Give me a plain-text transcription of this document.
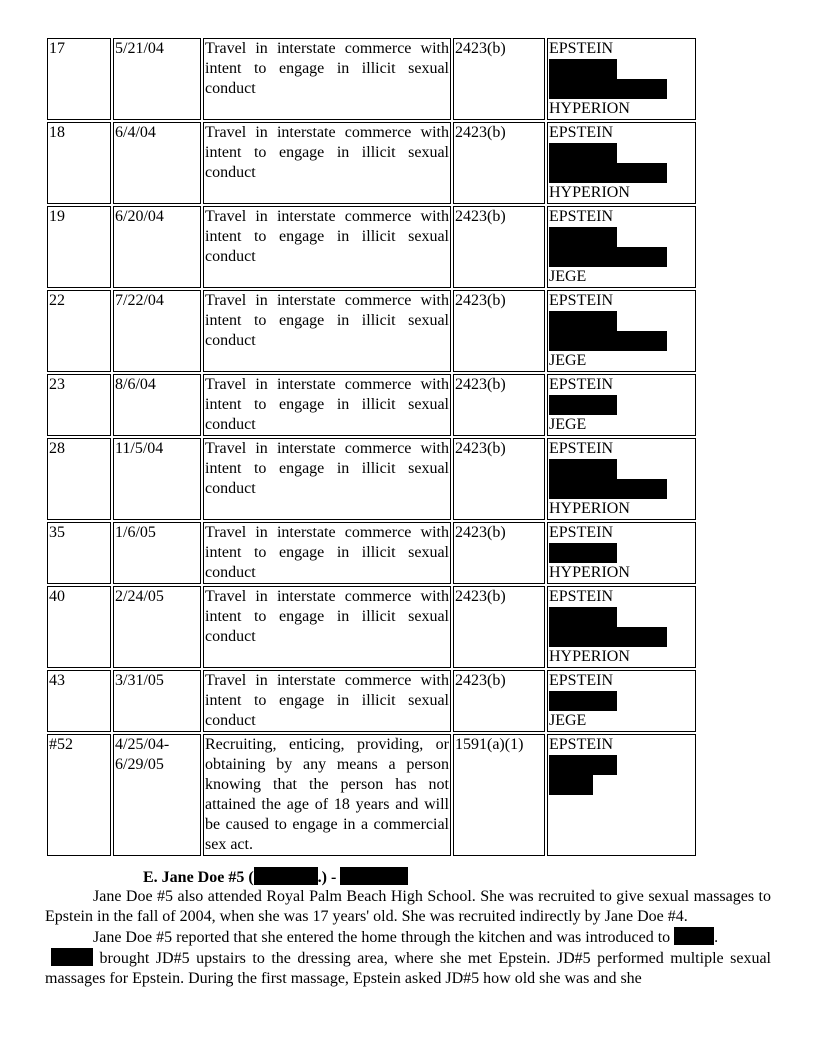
17	5/21/04	Travel in interstate commerce with intent to engage in illicit sexual conduct	2423(b)	EPSTEIN
HYPERION

18	6/4/04	Travel in interstate commerce with intent to engage in illicit sexual conduct	2423(b)	EPSTEIN
HYPERION

19	6/20/04	Travel in interstate commerce with intent to engage in illicit sexual conduct	2423(b)	EPSTEIN
JEGE

22	7/22/04	Travel in interstate commerce with intent to engage in illicit sexual conduct	2423(b)	EPSTEIN
JEGE

23	8/6/04	Travel in interstate commerce with intent to engage in illicit sexual conduct	2423(b)	EPSTEIN
JEGE

28	11/5/04	Travel in interstate commerce with intent to engage in illicit sexual conduct	2423(b)	EPSTEIN
HYPERION

35	1/6/05	Travel in interstate commerce with intent to engage in illicit sexual conduct	2423(b)	EPSTEIN
HYPERION

40	2/24/05	Travel in interstate commerce with intent to engage in illicit sexual conduct	2423(b)	EPSTEIN
HYPERION

43	3/31/05	Travel in interstate commerce with intent to engage in illicit sexual conduct	2423(b)	EPSTEIN
JEGE

#52	4/25/04-
6/29/05	Recruiting, enticing, providing, or obtaining by any means a person knowing that the person has not attained the age of 18 years and will be caused to engage in a commercial sex act.	1591(a)(1)	EPSTEIN
E. Jane Doe #5 (	.) -

Jane Doe #5 also attended Royal Palm Beach High School. She was recruited to give sexual massages to Epstein in the fall of 2004, when she was 17 years' old. She was recruited indirectly by Jane Doe #4.

Jane Doe #5 reported that she entered the home through the kitchen and was introduced to	.
brought JD#5 upstairs to the dressing area, where she met Epstein. JD#5 performed multiple sexual massages for Epstein. During the first massage, Epstein asked JD#5 how old she was and she
